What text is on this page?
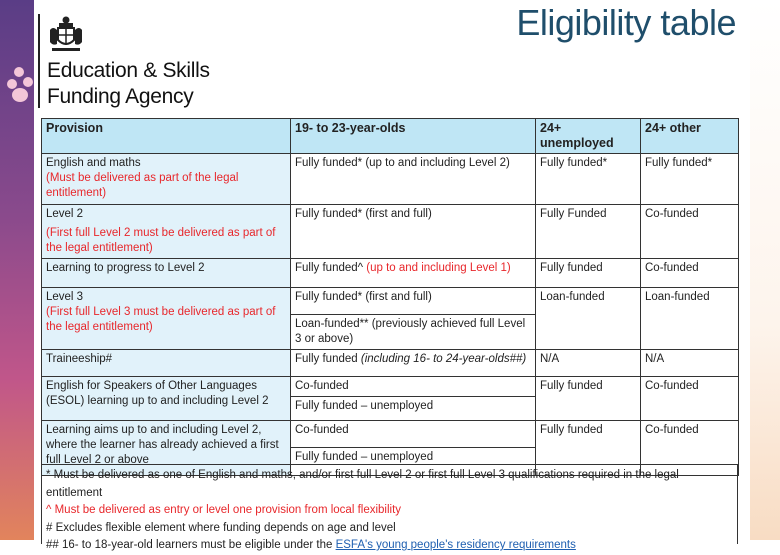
Education & Skills
Funding Agency
Eligibility table
Provision	19- to 23-year-olds	24+ unemployed	24+ other

English and maths
(Must be delivered as part of the legal entitlement)	Fully funded* (up to and including Level 2)	Fully funded*	Fully funded*

Level 2
(First full Level 2 must be delivered as part of the legal entitlement)	Fully funded* (first and full)	Fully Funded	Co-funded
Learning to progress to Level 2	Fully funded^ (up to and including Level 1)	Fully funded	Co-funded

Level 3
(First full Level 3 must be delivered as part of the legal entitlement)	Fully funded* (first and full)	Loan-funded	Loan-funded
	Loan-funded** (previously achieved full Level 3 or above)		
Traineeship#	Fully funded (including 16- to 24-year-olds##)	N/A	N/A
English for Speakers of Other Languages (ESOL) learning up to and including Level 2	Co-funded	Fully funded	Co-funded
	Fully funded – unemployed		
Learning aims up to and including Level 2, where the learner has already achieved a first full Level 2 or above	Co-funded	Fully funded	Co-funded
	Fully funded – unemployed		
* Must be delivered as one of English and maths, and/or first full Level 2 or first full Level 3 qualifications required in the legal entitlement
^ Must be delivered as entry or level one provision from local flexibility
# Excludes flexible element where funding depends on age and level
## 16- to 18-year-old learners must be eligible under the ESFA's young people's residency requirements
